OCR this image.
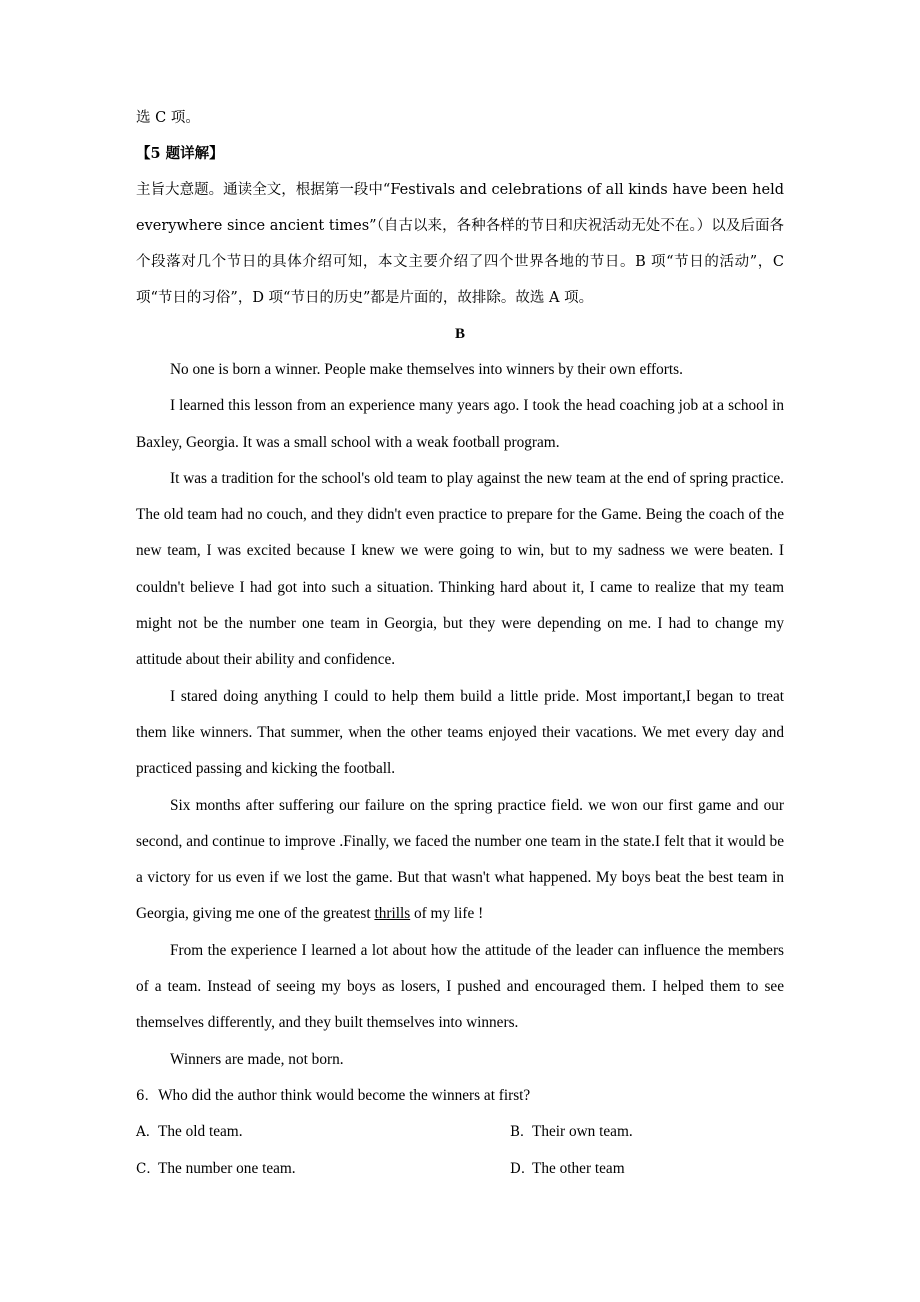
选 C 项。
【5 题详解】

主旨大意题。通读全文，根据第一段中“Festivals and celebrations of all kinds have been held everywhere since ancient times”（自古以来，各种各样的节日和庆祝活动无处不在。）以及后面各个段落对几个节日的具体介绍可知，本文主要介绍了四个世界各地的节日。B 项“节日的活动”，C 项“节日的习俗”，D 项“节日的历史”都是片面的，故排除。故选 A 项。

B

No one is born a winner. People make themselves into winners by their own efforts.

I learned this lesson from an experience many years ago. I took the head coaching job at a school in Baxley, Georgia. It was a small school with a weak football program.

It was a tradition for the school's old team to play against the new team at the end of spring practice. The old team had no couch, and they didn't even practice to prepare for the Game. Being the coach of the new team, I was excited because I knew we were going to win, but to my sadness we were beaten. I couldn't believe I had got into such a situation. Thinking hard about it, I came to realize that my team might not be the number one team in Georgia, but they were depending on me. I had to change my attitude about their ability and confidence.

I stared doing anything I could to help them build a little pride. Most important,I began to treat them like winners. That summer, when the other teams enjoyed their vacations. We met every day and practiced passing and kicking the football.

Six months after suffering our failure on the spring practice field. we won our first game and our second, and continue to improve .Finally, we faced the number one team in the state.I felt that it would be a victory for us even if we lost the game. But that wasn't what happened. My boys beat the best team in Georgia, giving me one of the greatest thrills of my life !

From the experience I learned a lot about how the attitude of the leader can influence the members of a team. Instead of seeing my boys as losers, I pushed and encouraged them. I helped them to see themselves differently, and they built themselves into winners.

Winners are made, not born.

6．Who did the author think would become the winners at first?

A．
The old team.	B．
Their own team.
C．
The number one team.	D．
The other team
